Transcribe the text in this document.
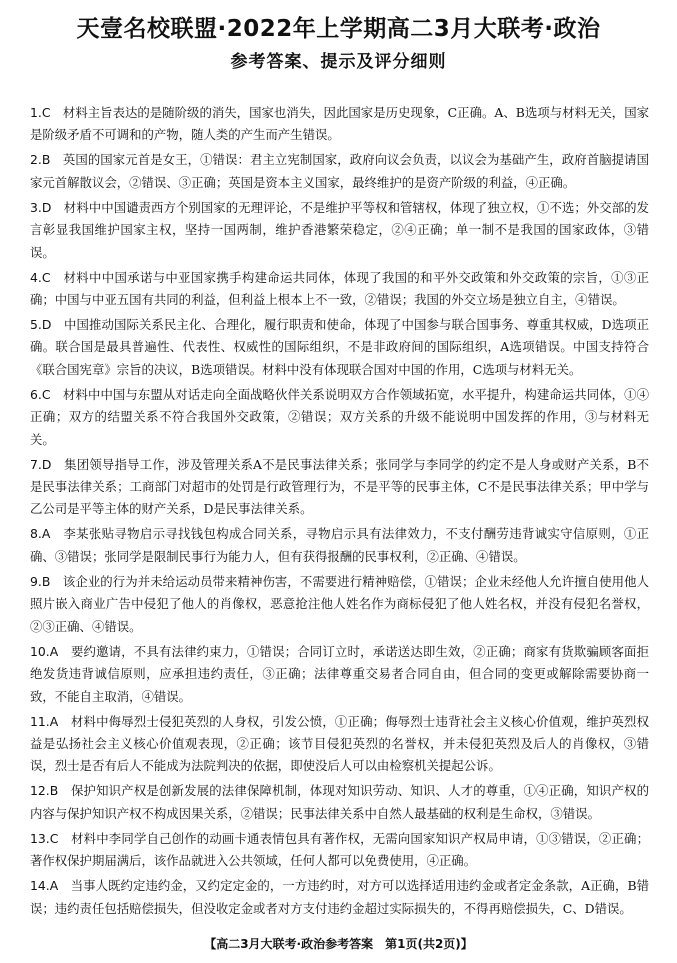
天壹名校联盟·2022年上学期高二3月大联考·政治
参考答案、提示及评分细则
1.C　 材料主旨表达的是随阶级的消失，国家也消失，因此国家是历史现象，C正确。A、B选项与材料无关，国家是阶级矛盾不可调和的产物，随人类的产生而产生错误。
2.B　 英国的国家元首是女王，①错误：君主立宪制国家，政府向议会负责，以议会为基础产生，政府首脑提请国家元首解散议会，②错误、③正确；英国是资本主义国家，最终维护的是资产阶级的利益，④正确。
3.D　 材料中中国谴责西方个别国家的无理评论，不是维护平等权和管辖权，体现了独立权，①不选；外交部的发言彰显我国维护国家主权，坚持一国两制，维护香港繁荣稳定，②④正确；单一制不是我国的国家政体，③错误。
4.C　 材料中中国承诺与中亚国家携手构建命运共同体，体现了我国的和平外交政策和外交政策的宗旨，①③正确；中国与中亚五国有共同的利益，但利益上根本上不一致，②错误；我国的外交立场是独立自主，④错误。
5.D　 中国推动国际关系民主化、合理化，履行职责和使命，体现了中国参与联合国事务、尊重其权威，D选项正确。联合国是最具普遍性、代表性、权威性的国际组织，不是非政府间的国际组织，A选项错误。中国支持符合《联合国宪章》宗旨的决议，B选项错误。材料中没有体现联合国对中国的作用，C选项与材料无关。
6.C　 材料中中国与东盟从对话走向全面战略伙伴关系说明双方合作领域拓宽，水平提升，构建命运共同体，①④正确；双方的结盟关系不符合我国外交政策，②错误；双方关系的升级不能说明中国发挥的作用，③与材料无关。
7.D　 集团领导指导工作，涉及管理关系A不是民事法律关系；张同学与李同学的约定不是人身或财产关系，B不是民事法律关系；工商部门对超市的处罚是行政管理行为，不是平等的民事主体，C不是民事法律关系；甲中学与乙公司是平等主体的财产关系，D是民事法律关系。
8.A　 李某张贴寻物启示寻找钱包构成合同关系，寻物启示具有法律效力，不支付酬劳违背诚实守信原则，①正确、③错误；张同学是限制民事行为能力人，但有获得报酬的民事权利，②正确、④错误。
9.B　 该企业的行为并未给运动员带来精神伤害，不需要进行精神赔偿，①错误；企业未经他人允许擅自使用他人照片嵌入商业广告中侵犯了他人的肖像权，恶意抢注他人姓名作为商标侵犯了他人姓名权，并没有侵犯名誉权，②③正确、④错误。
10.A　 要约邀请，不具有法律约束力，①错误；合同订立时，承诺送达即生效，②正确；商家有货欺骗顾客面拒绝发货违背诚信原则，应承担违约责任，③正确；法律尊重交易者合同自由，但合同的变更或解除需要协商一致，不能自主取消，④错误。
11.A　 材料中侮辱烈士侵犯英烈的人身权，引发公愤，①正确；侮辱烈士违背社会主义核心价值观，维护英烈权益是弘扬社会主义核心价值观表现，②正确；该节目侵犯英烈的名誉权，并未侵犯英烈及后人的肖像权，③错误，烈士是否有后人不能成为法院判决的依据，即使没后人可以由检察机关提起公诉。
12.B　 保护知识产权是创新发展的法律保障机制，体现对知识劳动、知识、人才的尊重，①④正确，知识产权的内容与保护知识产权不构成因果关系，②错误；民事法律关系中自然人最基础的权利是生命权，③错误。
13.C　 材料中李同学自己创作的动画卡通表情包具有著作权，无需向国家知识产权局申请，①③错误，②正确；著作权保护期届满后，该作品就进入公共领域，任何人都可以免费使用，④正确。
14.A　 当事人既约定违约金，又约定定金的，一方违约时，对方可以选择适用违约金或者定金条款，A正确，B错误；违约责任包括赔偿损失，但没收定金或者对方支付违约金超过实际损失的，不得再赔偿损失，C、D错误。
【高二3月大联考·政治参考答案　第1页(共2页)】
